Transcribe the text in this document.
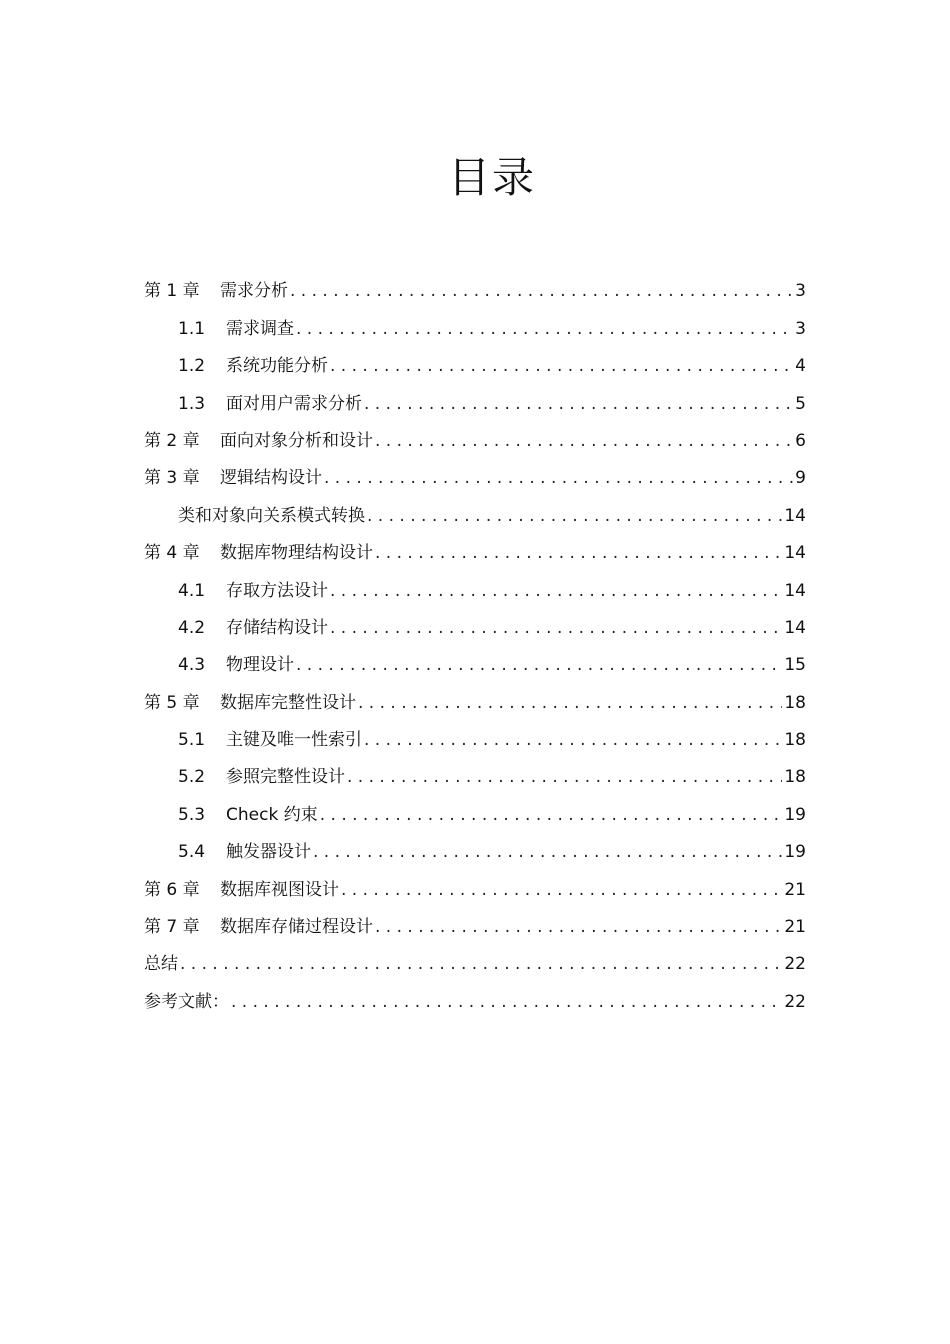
目录
第 1 章	需求分析 . . .	3
1.1	需求调查 . . .	3
1.2	系统功能分析 . . .	4
1.3	面对用户需求分析 . . .	5
第 2 章	面向对象分析和设计 . . .	6
第 3 章	逻辑结构设计 . . .	9
类和对象向关系模式转换 . . .	14
第 4 章	数据库物理结构设计 . . .	14
4.1	存取方法设计 . . .	14
4.2	存储结构设计 . . .	14
4.3	物理设计 . . .	15
第 5 章	数据库完整性设计 . . .	18
5.1	主键及唯一性索引 . . .	18
5.2	参照完整性设计 . . .	18
5.3	Check 约束 . . .	19
5.4	触发器设计 . . .	19
第 6 章	数据库视图设计 . . .	21
第 7 章	数据库存储过程设计 . . .	21
总结 . . .	22
参考文献： . . .	22
